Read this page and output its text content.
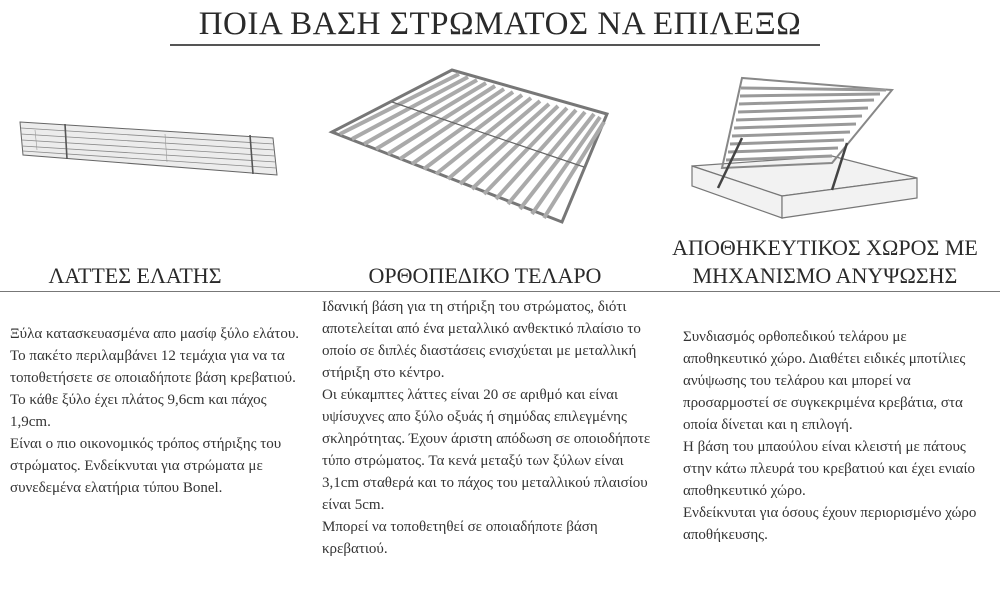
ΠΟΙΑ ΒΑΣΗ ΣΤΡΩΜΑΤΟΣ ΝΑ ΕΠΙΛΕΞΩ
ΛΑΤΤΕΣ ΕΛΑΤΗΣ	ΟΡΘΟΠΕΔΙΚΟ ΤΕΛΑΡΟ
ΑΠΟΘΗΚΕΥΤΙΚΟΣ ΧΩΡΟΣ ΜΕ ΜΗΧΑΝΙΣΜΟ ΑΝΥΨΩΣΗΣ

Ξύλα κατασκευασμένα απο μασίφ ξύλο ελάτου. Το πακέτο περιλαμβάνει 12 τεμάχια για να τα τοποθετήσετε σε οποιαδήποτε βάση κρεβατιού. Το κάθε ξύλο έχει πλάτος 9,6cm και πάχος 1,9cm.

Είναι ο πιο οικονομικός τρόπος στήριξης του στρώματος. Ενδείκνυται για στρώματα με συνεδεμένα ελατήρια τύπου Bonel.

Ιδανική βάση για τη στήριξη του στρώματος, διότι αποτελείται από ένα μεταλλικό ανθεκτικό πλαίσιο το οποίο σε διπλές διαστάσεις ενισχύεται με μεταλλική στήριξη στο κέντρο.

Οι εύκαμπτες λάττες είναι 20 σε αριθμό και είναι υψίσυχνες απο ξύλο οξυάς ή σημύδας επιλεγμένης σκληρότητας. Έχουν άριστη απόδωση σε οποιοδήποτε τύπο στρώματος. Τα κενά μεταξύ των ξύλων είναι 3,1cm σταθερά και το πάχος του μεταλλικού πλαισίου είναι 5cm.

Μπορεί να τοποθετηθεί σε οποιαδήποτε βάση κρεβατιού.

Συνδιασμός ορθοπεδικού τελάρου με αποθηκευτικό χώρο. Διαθέτει ειδικές μποτίλιες ανύψωσης του τελάρου και μπορεί να προσαρμοστεί σε συγκεκριμένα κρεβάτια, στα οποία δίνεται και η επιλογή.

Η βάση του μπαούλου είναι κλειστή με πάτους στην κάτω πλευρά του κρεβατιού και έχει ενιαίο αποθηκευτικό χώρο.

Ενδείκνυται για όσους έχουν περιορισμένο χώρο αποθήκευσης.
